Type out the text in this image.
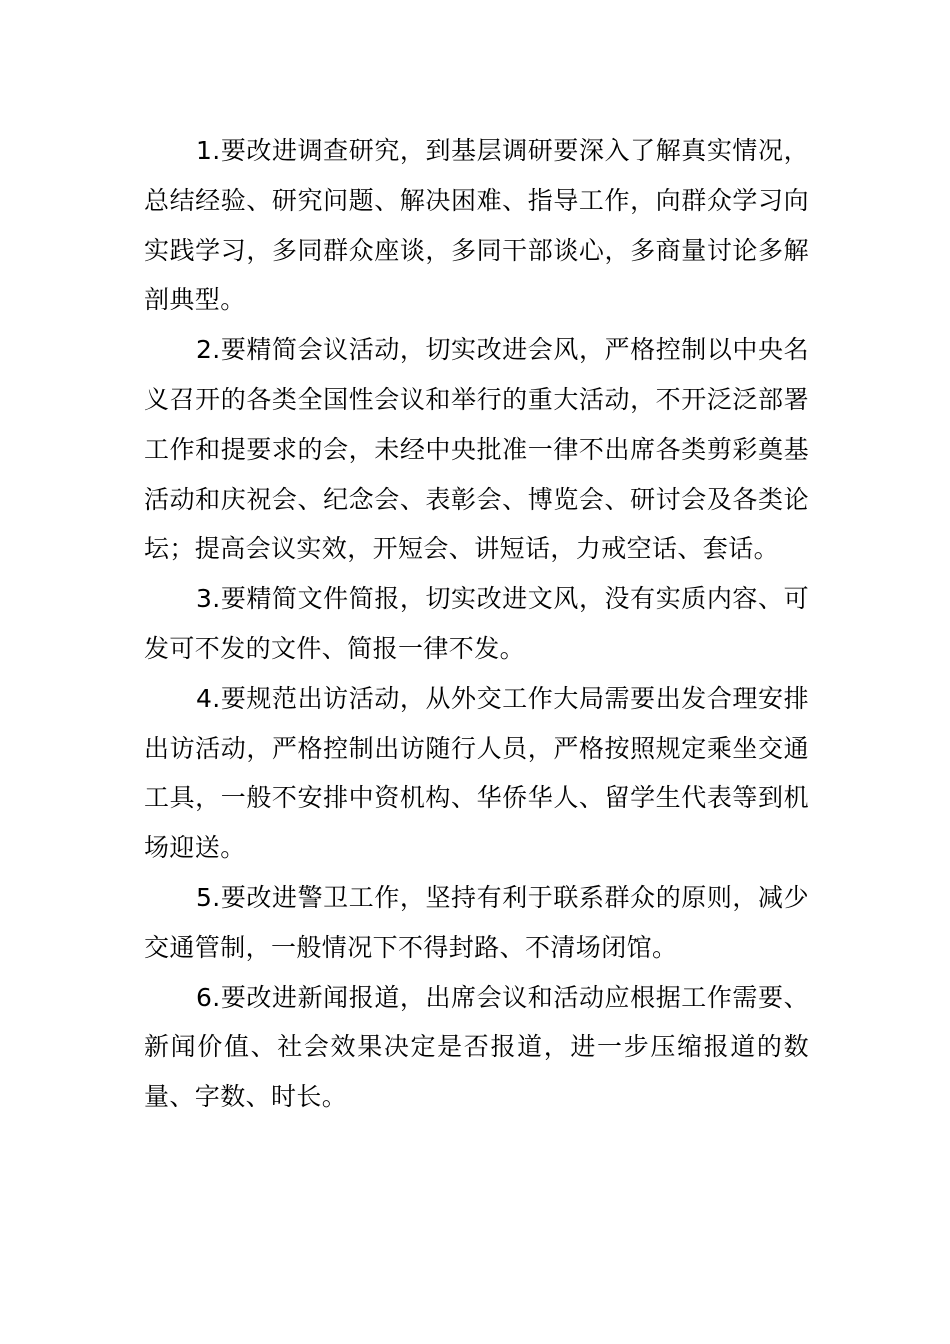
1.要改进调查研究，到基层调研要深入了解真实情况，总结经验、研究问题、解决困难、指导工作，向群众学习向实践学习，多同群众座谈，多同干部谈心，多商量讨论多解剖典型。

2.要精简会议活动，切实改进会风，严格控制以中央名义召开的各类全国性会议和举行的重大活动，不开泛泛部署工作和提要求的会，未经中央批准一律不出席各类剪彩奠基活动和庆祝会、纪念会、表彰会、博览会、研讨会及各类论坛；提高会议实效，开短会、讲短话，力戒空话、套话。

3.要精简文件简报，切实改进文风，没有实质内容、可发可不发的文件、简报一律不发。

4.要规范出访活动，从外交工作大局需要出发合理安排出访活动，严格控制出访随行人员，严格按照规定乘坐交通工具，一般不安排中资机构、华侨华人、留学生代表等到机场迎送。

5.要改进警卫工作，坚持有利于联系群众的原则，减少交通管制，一般情况下不得封路、不清场闭馆。

6.要改进新闻报道，出席会议和活动应根据工作需要、新闻价值、社会效果决定是否报道，进一步压缩报道的数量、字数、时长。
